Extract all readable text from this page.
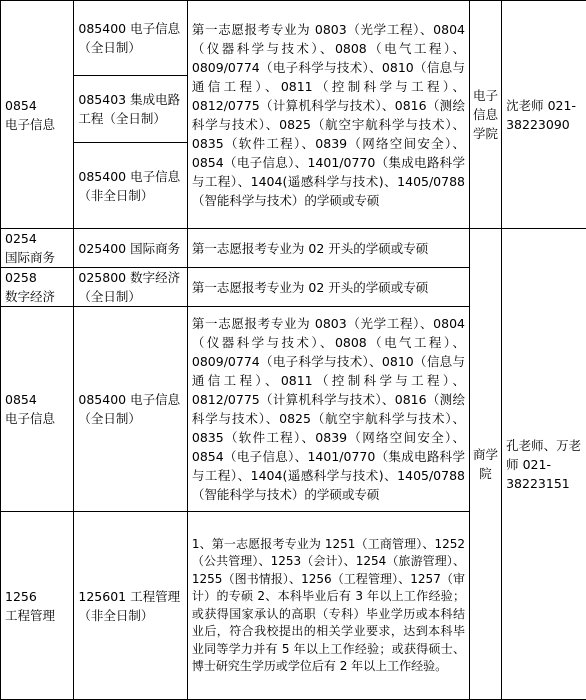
0854
电子信息	085400 电子信息（全日制）	第一志愿报考专业为 0803（光学工程）、0804（仪器科学与技术）、0808（电气工程）、0809/0774（电子科学与技术）、0810（信息与通信工程）、0811（控制科学与工程）、0812/0775（计算机科学与技术）、0816（测绘科学与技术）、0825（航空宇航科学与技术）、0835（软件工程）、0839（网络空间安全）、0854（电子信息）、1401/0770（集成电路科学与工程）、1404(遥感科学与技术)、1405/0788（智能科学与技术）的学硕或专硕	电子信息学院	沈老师 021-38223090
	085403 集成电路工程（全日制）			
	085400 电子信息（非全日制）			

0254
国际商务	025400 国际商务	第一志愿报考专业为 02 开头的学硕或专硕	商学院	孔老师、万老师 021-38223151

0258
数字经济	025800 数字经济（全日制）	第一志愿报考专业为 02 开头的学硕或专硕		

0854
电子信息	085400 电子信息（全日制）	第一志愿报考专业为 0803（光学工程）、0804（仪器科学与技术）、0808（电气工程）、0809/0774（电子科学与技术）、0810（信息与通信工程）、0811（控制科学与工程）、0812/0775（计算机科学与技术）、0816（测绘科学与技术）、0825（航空宇航科学与技术）、0835（软件工程）、0839（网络空间安全）、0854（电子信息）、1401/0770（集成电路科学与工程）、1404(遥感科学与技术)、1405/0788（智能科学与技术）的学硕或专硕		

1256
工程管理	125601 工程管理（非全日制）	1、第一志愿报考专业为 1251（工商管理）、1252（公共管理）、1253（会计）、1254（旅游管理）、1255（图书情报）、1256（工程管理）、1257（审计）的专硕 2、本科毕业后有 3 年以上工作经验；或获得国家承认的高职（专科）毕业学历或本科结业后，符合我校提出的相关学业要求，达到本科毕业同等学力并有 5 年以上工作经验；或获得硕士、博士研究生学历或学位后有 2 年以上工作经验。		
